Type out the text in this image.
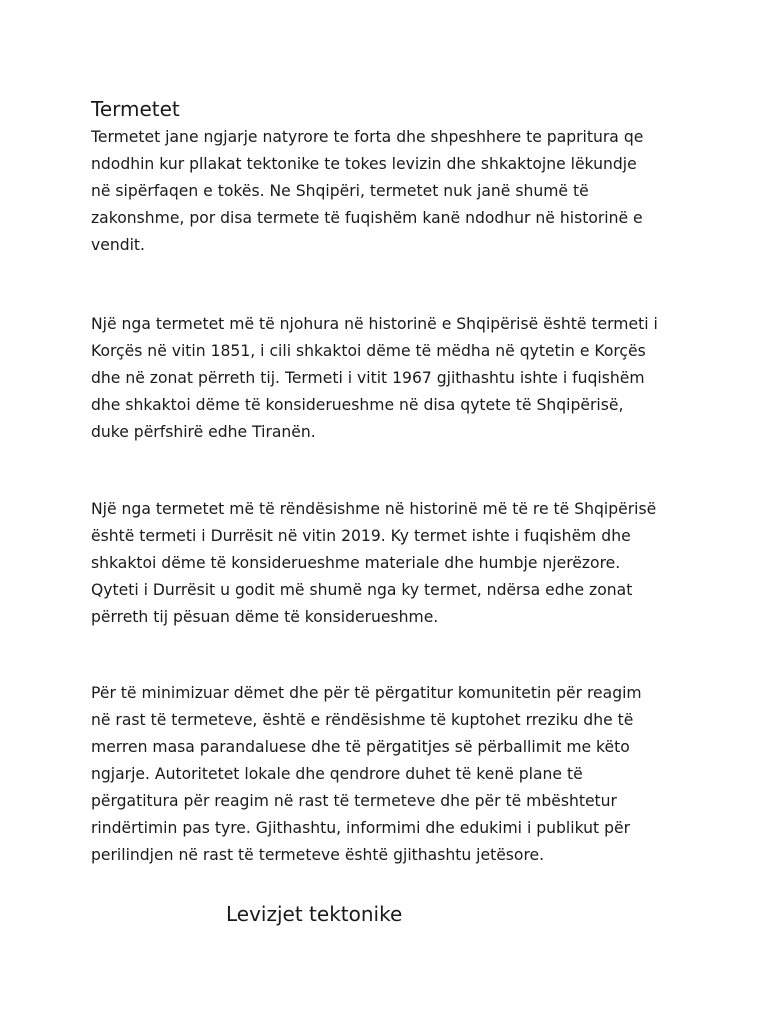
Termetet

Termetet jane ngjarje natyrore te forta dhe shpeshhere te papritura qe
ndodhin kur pllakat tektonike te tokes levizin dhe shkaktojne lëkundje
në sipërfaqen e tokës. Ne Shqipëri, termetet nuk janë shumë të
zakonshme, por disa termete të fuqishëm kanë ndodhur në historinë e
vendit.

Një nga termetet më të njohura në historinë e Shqipërisë është termeti i
Korçës në vitin 1851, i cili shkaktoi dëme të mëdha në qytetin e Korçës
dhe në zonat përreth tij. Termeti i vitit 1967 gjithashtu ishte i fuqishëm
dhe shkaktoi dëme të konsiderueshme në disa qytete të Shqipërisë,
duke përfshirë edhe Tiranën.

Një nga termetet më të rëndësishme në historinë më të re të Shqipërisë
është termeti i Durrësit në vitin 2019. Ky termet ishte i fuqishëm dhe
shkaktoi dëme të konsiderueshme materiale dhe humbje njerëzore.
Qyteti i Durrësit u godit më shumë nga ky termet, ndërsa edhe zonat
përreth tij pësuan dëme të konsiderueshme.

Për të minimizuar dëmet dhe për të përgatitur komunitetin për reagim
në rast të termeteve, është e rëndësishme të kuptohet rreziku dhe të
merren masa parandaluese dhe të përgatitjes së përballimit me këto
ngjarje. Autoritetet lokale dhe qendrore duhet të kenë plane të
përgatitura për reagim në rast të termeteve dhe për të mbështetur
rindërtimin pas tyre. Gjithashtu, informimi dhe edukimi i publikut për
perilindjen në rast të termeteve është gjithashtu jetësore.

Levizjet tektonike
